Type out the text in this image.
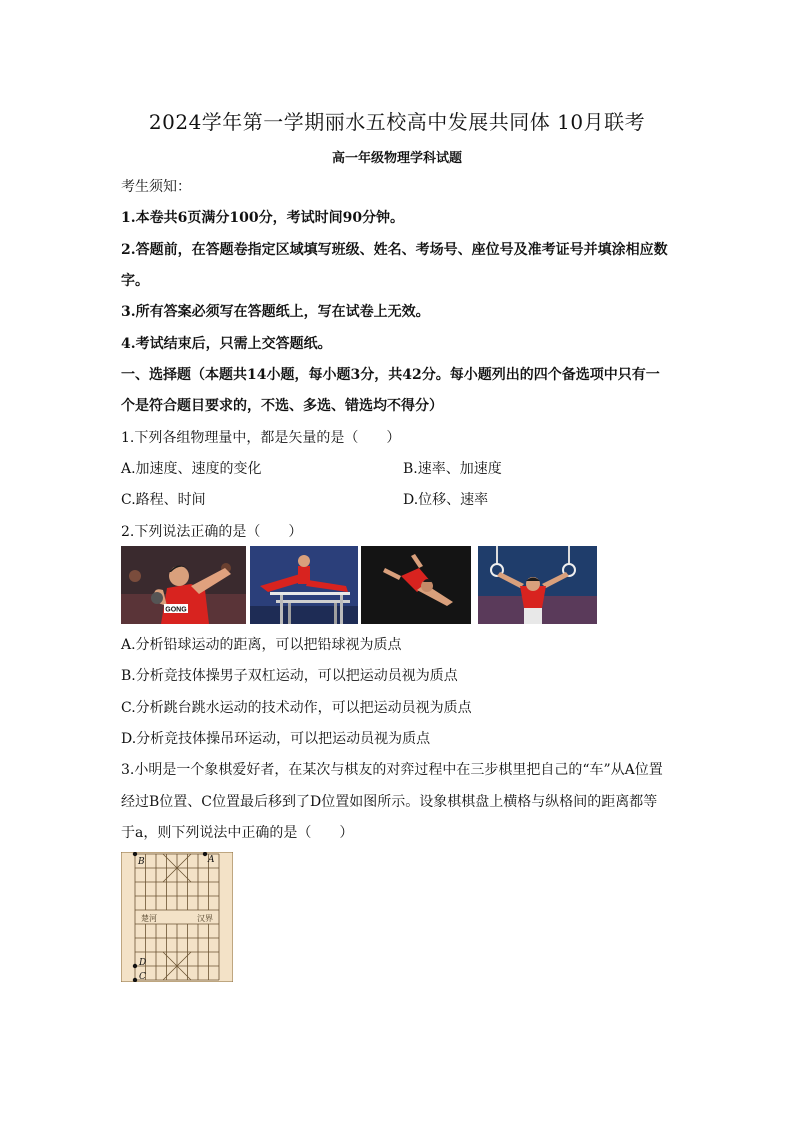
2024学年第一学期丽水五校高中发展共同体 10月联考
高一年级物理学科试题
考生须知：
1.本卷共6页满分100分，考试时间90分钟。
2.答题前，在答题卷指定区域填写班级、姓名、考场号、座位号及准考证号并填涂相应数
字。
3.所有答案必须写在答题纸上，写在试卷上无效。
4.考试结束后，只需上交答题纸。
一、选择题（本题共14小题，每小题3分，共42分。每小题列出的四个备选项中只有一
个是符合题目要求的，不选、多选、错选均不得分）
1.下列各组物理量中，都是矢量的是（　　）
A.加速度、速度的变化	B.速率、加速度
C.路程、时间	D.位移、速率
2.下列说法正确的是（　　）
GONG
A.分析铅球运动的距离，可以把铅球视为质点
B.分析竞技体操男子双杠运动，可以把运动员视为质点
C.分析跳台跳水运动的技术动作，可以把运动员视为质点
D.分析竞技体操吊环运动，可以把运动员视为质点
3.小明是一个象棋爱好者，在某次与棋友的对弈过程中在三步棋里把自己的“车”从A位置
经过B位置、C位置最后移到了D位置如图所示。设象棋棋盘上横格与纵格间的距离都等
于a，则下列说法中正确的是（　　）
楚河	汉界
B	A
D
C
